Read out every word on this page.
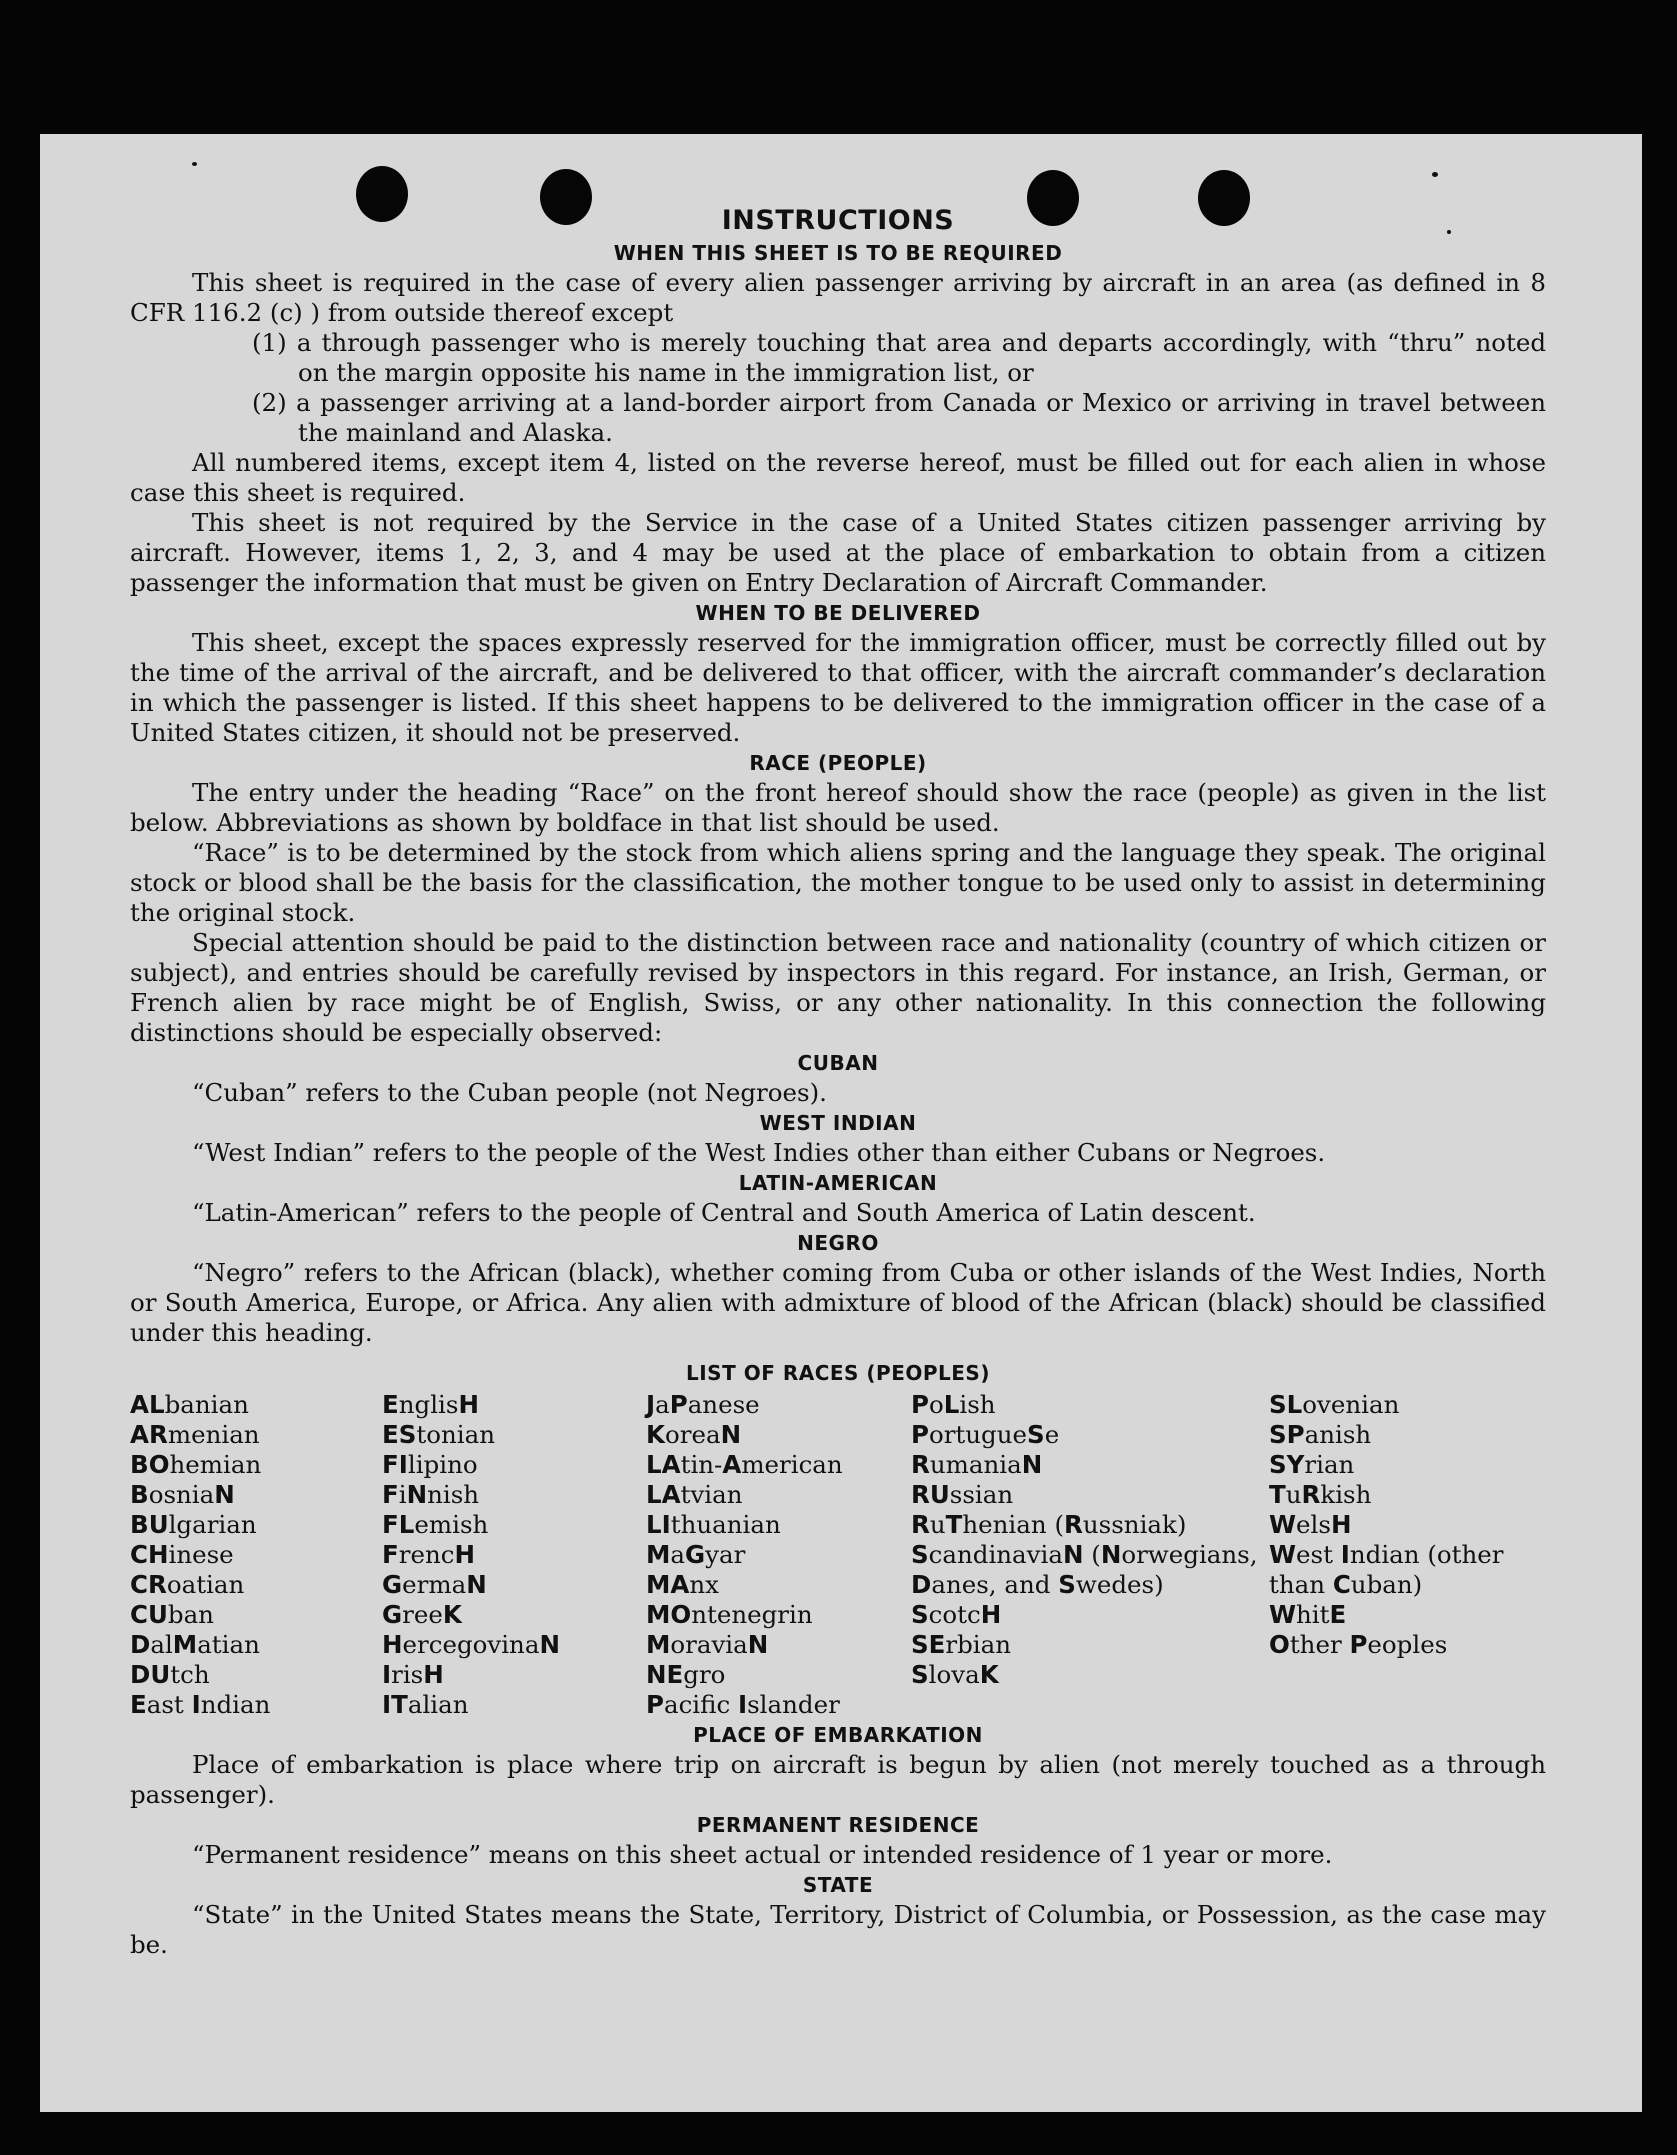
INSTRUCTIONS
WHEN THIS SHEET IS TO BE REQUIRED

This sheet is required in the case of every alien passenger arriving by aircraft in an area (as defined in 8 CFR 116.2 (c) ) from outside thereof except

(1) a through passenger who is merely touching that area and departs accordingly, with “thru” noted on the margin opposite his name in the immigration list, or

(2) a passenger arriving at a land-border airport from Canada or Mexico or arriving in travel between the mainland and Alaska.

All numbered items, except item 4, listed on the reverse hereof, must be filled out for each alien in whose case this sheet is required.

This sheet is not required by the Service in the case of a United States citizen passenger arriving by aircraft. However, items 1, 2, 3, and 4 may be used at the place of embarkation to obtain from a citizen passenger the information that must be given on Entry Declaration of Aircraft Commander.

WHEN TO BE DELIVERED

This sheet, except the spaces expressly reserved for the immigration officer, must be correctly filled out by the time of the arrival of the aircraft, and be delivered to that officer, with the aircraft commander’s declaration in which the passenger is listed. If this sheet happens to be delivered to the immigration officer in the case of a United States citizen, it should not be preserved.

RACE (PEOPLE)

The entry under the heading “Race” on the front hereof should show the race (people) as given in the list below. Abbreviations as shown by boldface in that list should be used.

“Race” is to be determined by the stock from which aliens spring and the language they speak. The original stock or blood shall be the basis for the classification, the mother tongue to be used only to assist in determining the original stock.

Special attention should be paid to the distinction between race and nationality (country of which citizen or subject), and entries should be carefully revised by inspectors in this regard. For instance, an Irish, German, or French alien by race might be of English, Swiss, or any other nationality. In this connection the following distinctions should be especially observed:

CUBAN

“Cuban” refers to the Cuban people (not Negroes).

WEST INDIAN

“West Indian” refers to the people of the West Indies other than either Cubans or Negroes.

LATIN-AMERICAN

“Latin-American” refers to the people of Central and South America of Latin descent.

NEGRO

“Negro” refers to the African (black), whether coming from Cuba or other islands of the West Indies, North or South America, Europe, or Africa. Any alien with admixture of blood of the African (black) should be classified under this heading.

LIST OF RACES (PEOPLES)
ALbanian
ARmenian
BOhemian
BosniaN
BUlgarian
CHinese
CRoatian
CUban
DalMatian
DUtch
East Indian
EnglisH
EStonian
FIlipino
FiNnish
FLemish
FrencH
GermaN
GreeK
HercegovinaN
IrisH
ITalian
JaPanese
KoreaN
LAtin-American
LAtvian
LIthuanian
MaGyar
MAnx
MOntenegrin
MoraviaN
NEgro
Pacific Islander
PoLish
PortugueSe
RumaniaN
RUssian
RuThenian (Russniak)
ScandinaviaN (Norwegians, Danes, and Swedes)
ScotcH
SErbian
SlovaK
SLovenian
SPanish
SYrian
TuRkish
WelsH
West Indian (other than Cuban)
WhitE
Other Peoples
PLACE OF EMBARKATION

Place of embarkation is place where trip on aircraft is begun by alien (not merely touched as a through passenger).

PERMANENT RESIDENCE

“Permanent residence” means on this sheet actual or intended residence of 1 year or more.

STATE

“State” in the United States means the State, Territory, District of Columbia, or Possession, as the case may be.
